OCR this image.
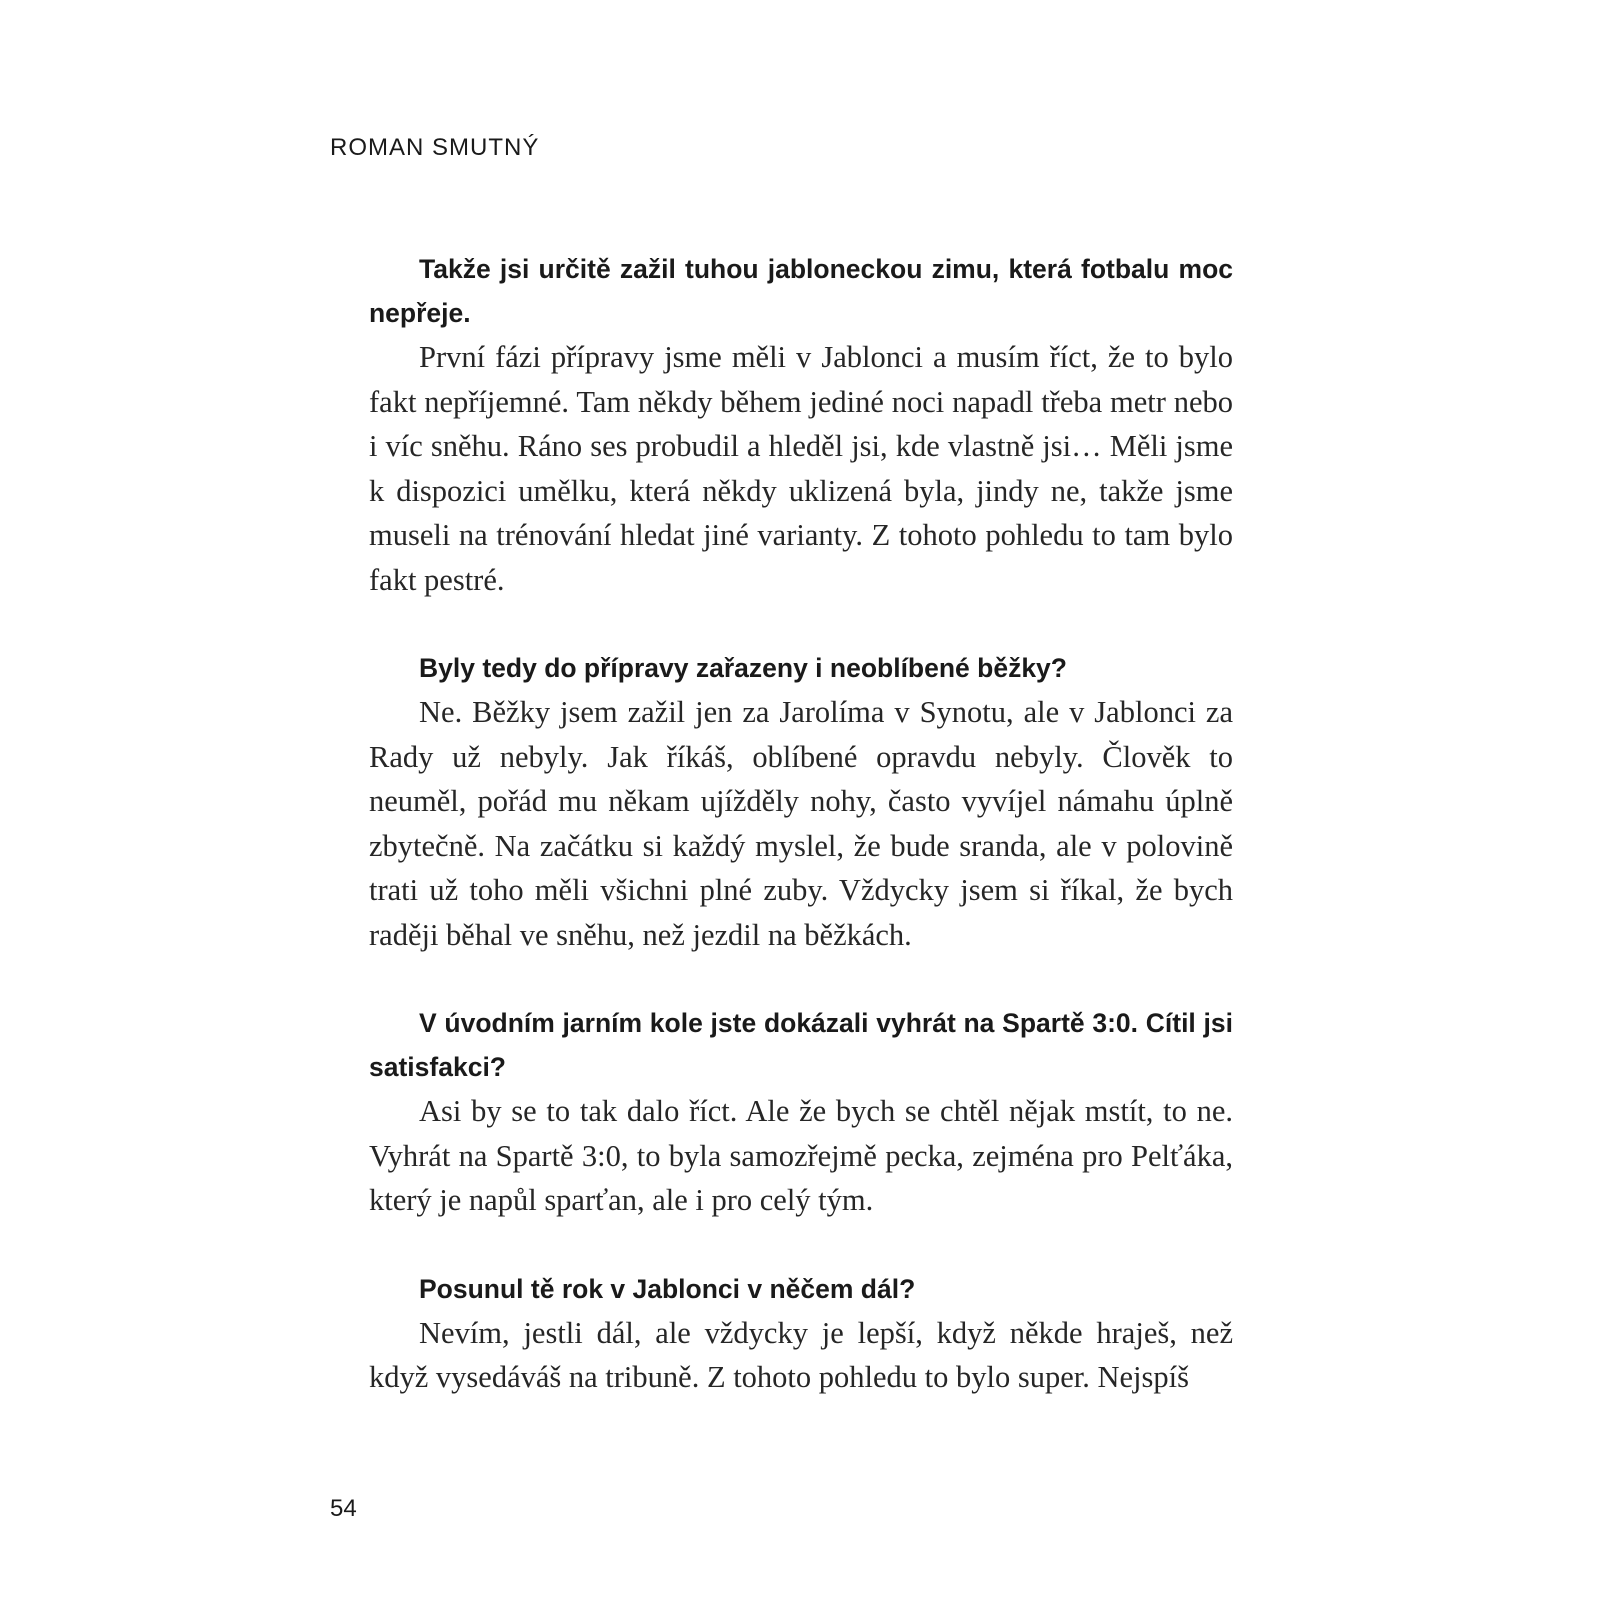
ROMAN SMUTNÝ

Takže jsi určitě zažil tuhou jabloneckou zimu, která fotbalu moc nepřeje.

První fázi přípravy jsme měli v Jablonci a musím říct, že to bylo fakt nepříjemné. Tam někdy během jediné noci napadl třeba metr nebo i víc sněhu. Ráno ses probudil a hleděl jsi, kde vlastně jsi… Měli jsme k dispozici umělku, která někdy uklizená byla, jindy ne, takže jsme museli na trénování hledat jiné varianty. Z tohoto pohledu to tam bylo fakt pestré.

Byly tedy do přípravy zařazeny i neoblíbené běžky?

Ne. Běžky jsem zažil jen za Jarolíma v Synotu, ale v Jablonci za Rady už nebyly. Jak říkáš, oblíbené opravdu nebyly. Člověk to neuměl, pořád mu někam ujížděly nohy, často vyvíjel námahu úplně zbytečně. Na začátku si každý myslel, že bude sranda, ale v polovině trati už toho měli všichni plné zuby. Vždycky jsem si říkal, že bych raději běhal ve sněhu, než jezdil na běžkách.

V úvodním jarním kole jste dokázali vyhrát na Spartě 3:0. Cítil jsi satisfakci?

Asi by se to tak dalo říct. Ale že bych se chtěl nějak mstít, to ne. Vyhrát na Spartě 3:0, to byla samozřejmě pecka, zejména pro Pelťáka, který je napůl sparťan, ale i pro celý tým.

Posunul tě rok v Jablonci v něčem dál?

Nevím, jestli dál, ale vždycky je lepší, když někde hraješ, než když vysedáváš na tribuně. Z tohoto pohledu to bylo super. Nejspíš

54
